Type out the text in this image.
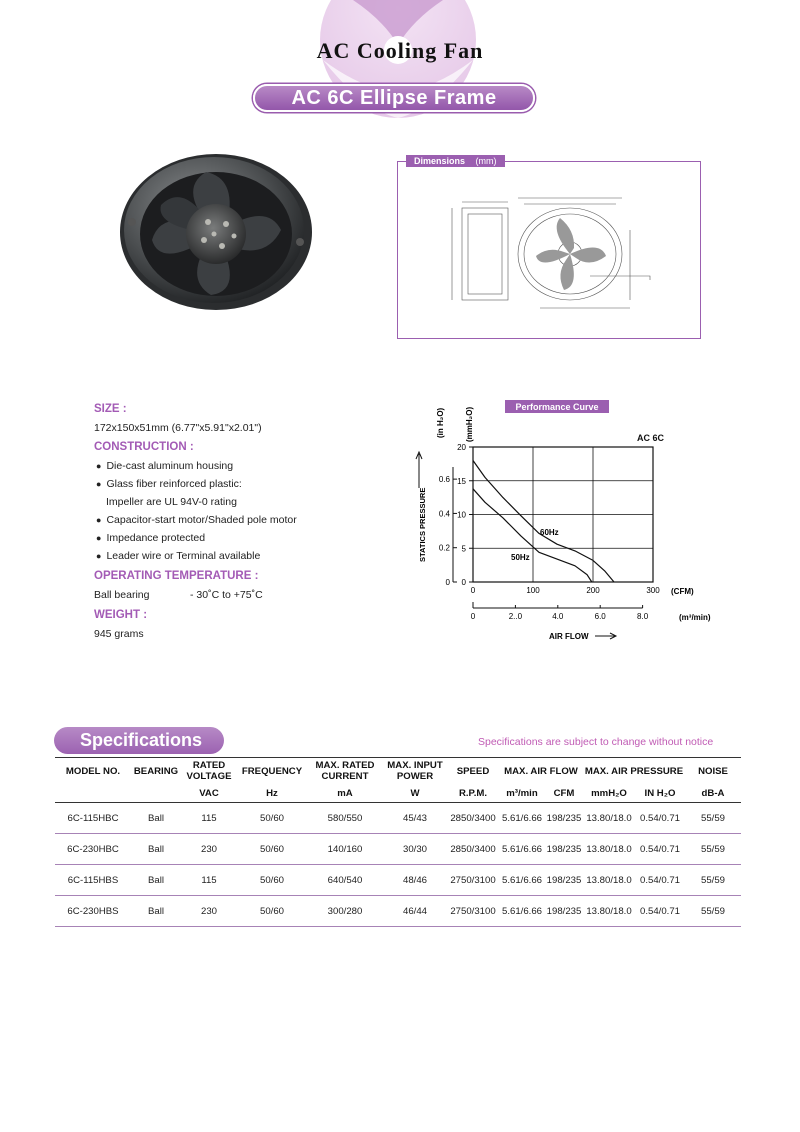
AC Cooling Fan
AC 6C Ellipse Frame
Dimensions (mm)
SIZE :
172x150x51mm (6.77"x5.91"x2.01")
CONSTRUCTION :
● Die-cast aluminum housing
● Glass fiber reinforced plastic:
Impeller are UL 94V-0 rating
● Capacitor-start motor/Shaded pole motor
● Impedance protected
● Leader wire or Terminal available
OPERATING TEMPERATURE :
Ball bearing	- 30˚C to +75˚C
WEIGHT :
945 grams
Performance Curve
AC 6C
(in H₂O)	(mmH₂O)
STATICS PRESSURE
0
5
10
15
20
0
0.2
0.4
0.6
0	100	200	300
0	2..0	4.0	6.0	8.0
60Hz
50Hz
(CFM)
(m³/min)
AIR FLOW
Specifications	Specifications are subject to change without notice
MODEL NO.	BEARING	RATED VOLTAGE	FREQUENCY	MAX. RATED CURRENT	MAX. INPUT POWER	SPEED	MAX. AIR FLOW		MAX. AIR PRESSURE		NOISE
		VAC	Hz	mA	W	R.P.M.	m³/min	CFM	mmH₂O	IN H₂O	dB-A
6C-115HBC	Ball	115	50/60	580/550	45/43	2850/3400	5.61/6.66	198/235	13.80/18.0	0.54/0.71	55/59
6C-230HBC	Ball	230	50/60	140/160	30/30	2850/3400	5.61/6.66	198/235	13.80/18.0	0.54/0.71	55/59
6C-115HBS	Ball	115	50/60	640/540	48/46	2750/3100	5.61/6.66	198/235	13.80/18.0	0.54/0.71	55/59
6C-230HBS	Ball	230	50/60	300/280	46/44	2750/3100	5.61/6.66	198/235	13.80/18.0	0.54/0.71	55/59
